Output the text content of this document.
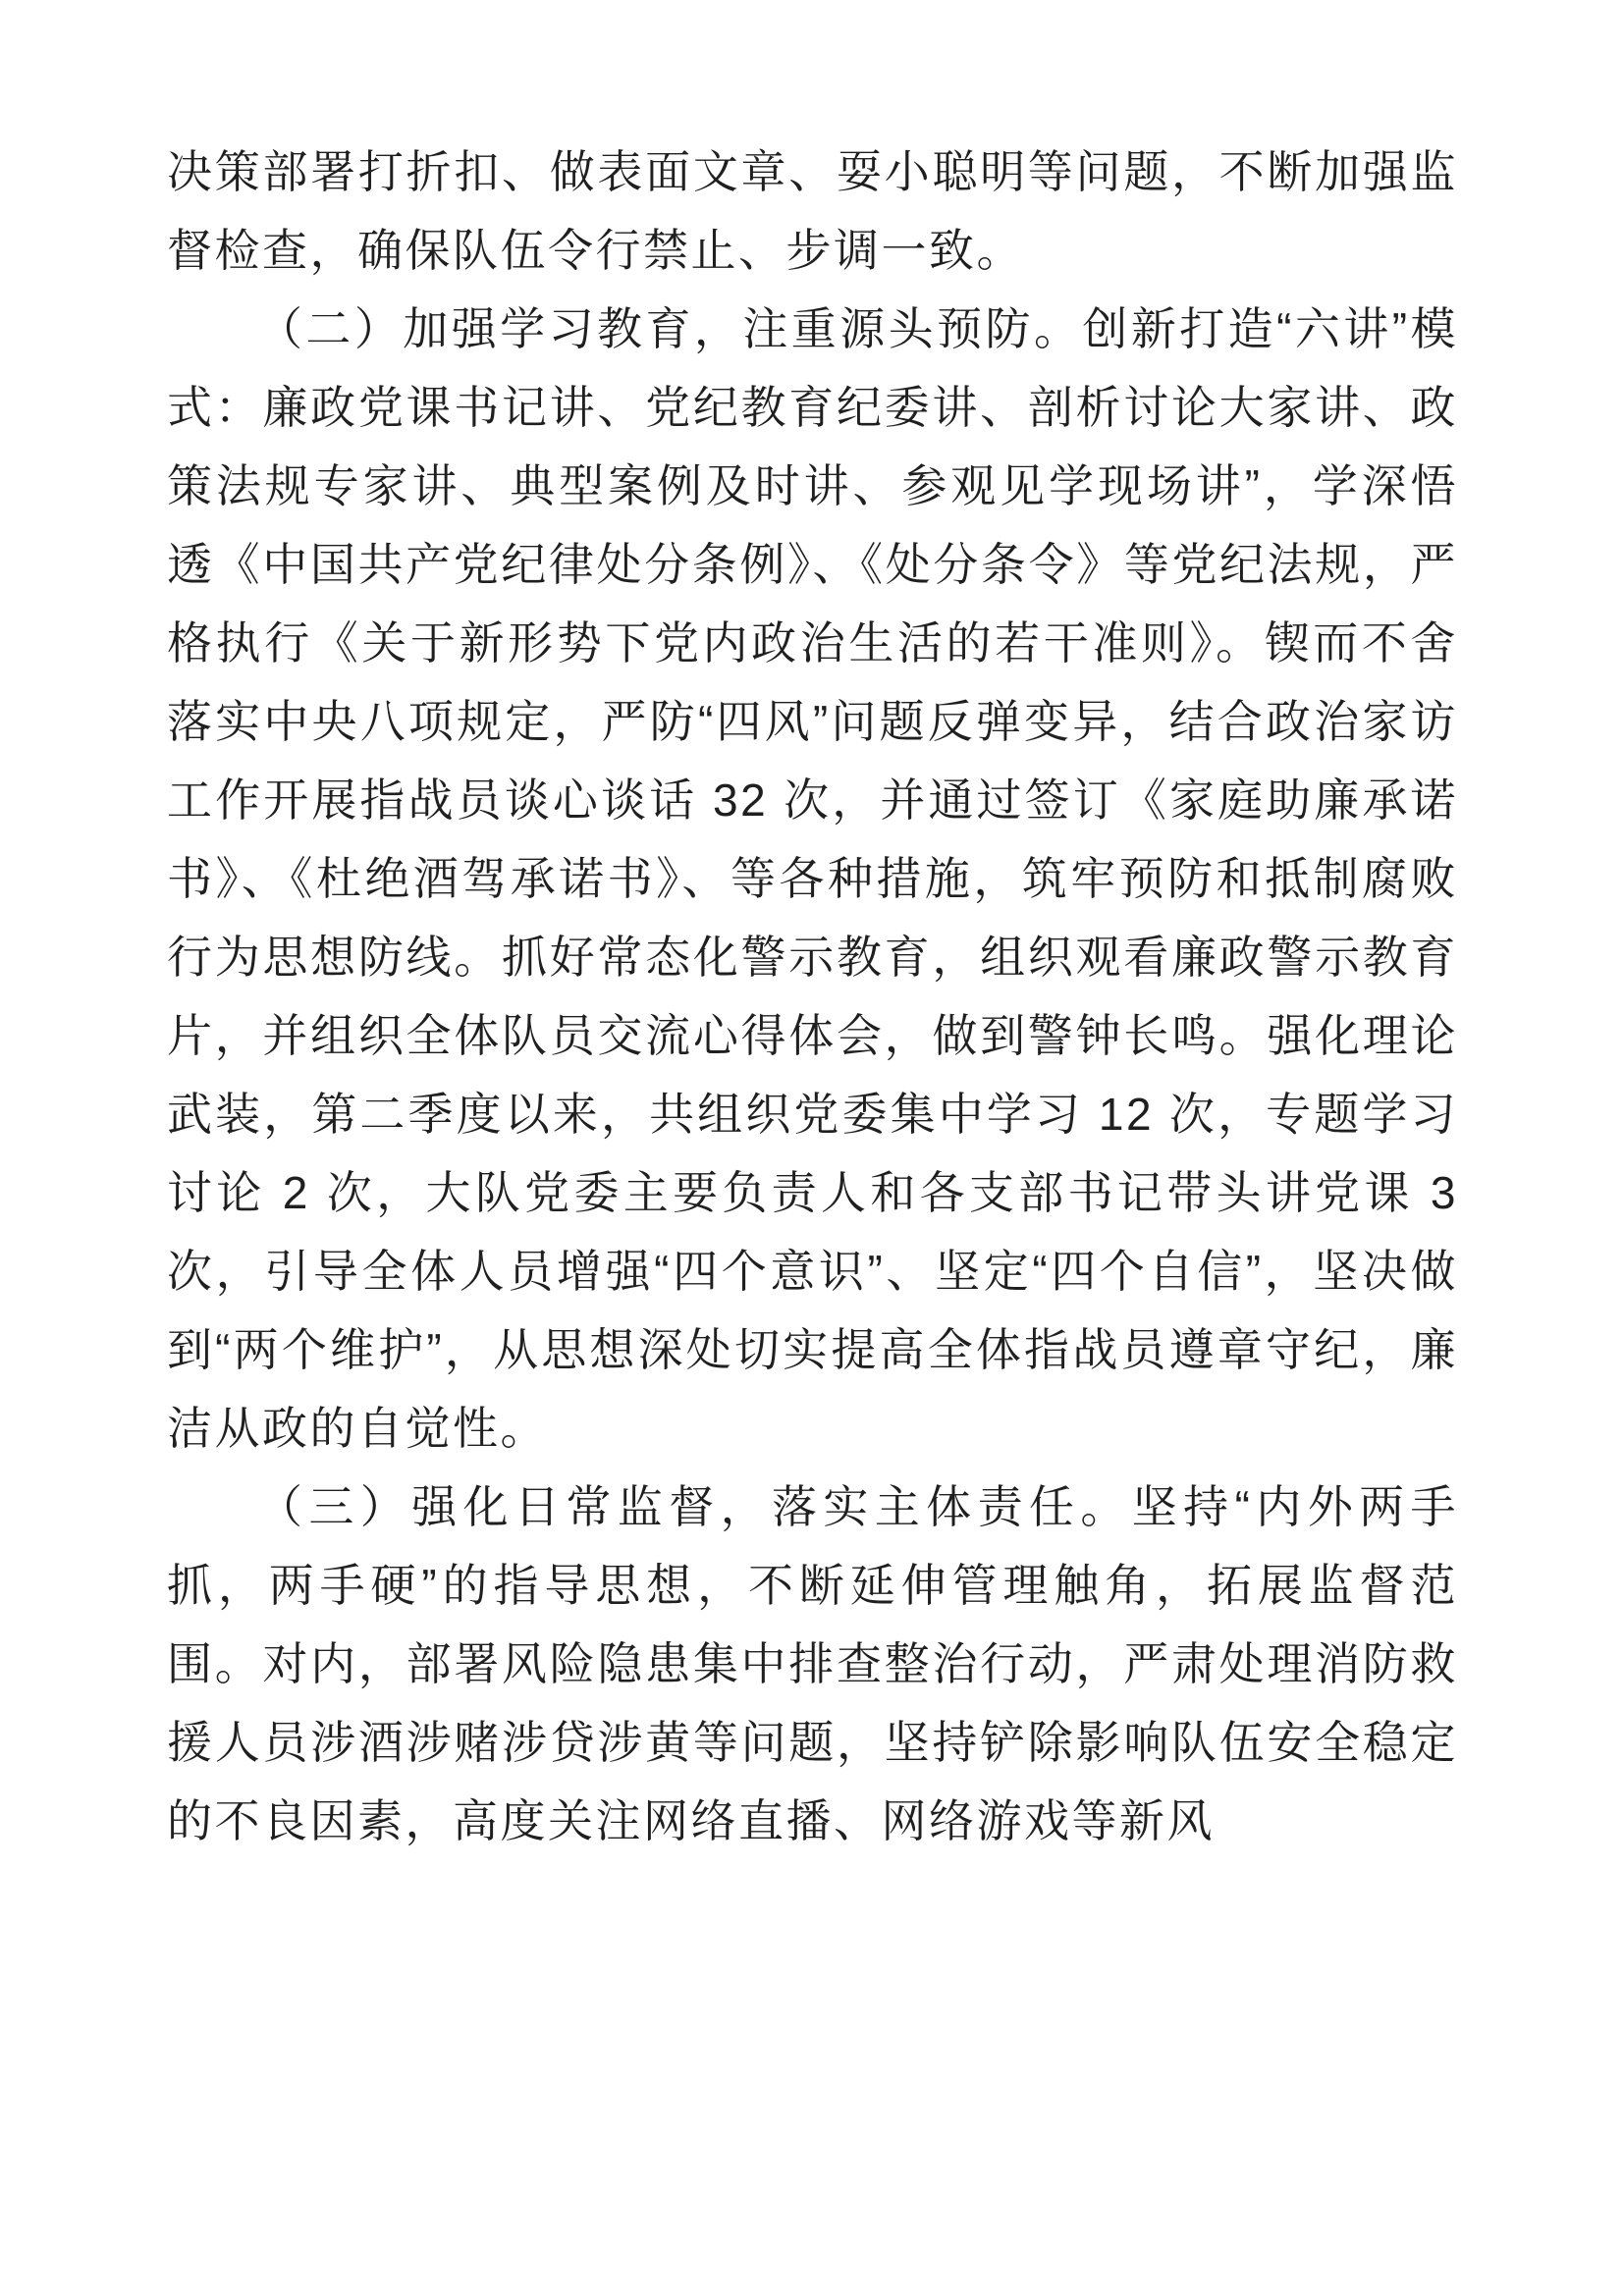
决策部署打折扣、做表面文章、耍小聪明等问题，不断加强监督检查，确保队伍令行禁止、步调一致。

（二）加强学习教育，注重源头预防。创新打造“六讲”模式：廉政党课书记讲、党纪教育纪委讲、剖析讨论大家讲、政策法规专家讲、典型案例及时讲、参观见学现场讲”，学深悟透《中国共产党纪律处分条例》、《处分条令》等党纪法规，严格执行《关于新形势下党内政治生活的若干准则》。锲而不舍落实中央八项规定，严防“四风”问题反弹变异，结合政治家访工作开展指战员谈心谈话 32 次，并通过签订《家庭助廉承诺书》、《杜绝酒驾承诺书》、等各种措施，筑牢预防和抵制腐败行为思想防线。抓好常态化警示教育，组织观看廉政警示教育片，并组织全体队员交流心得体会，做到警钟长鸣。强化理论武装，第二季度以来，共组织党委集中学习 12 次，专题学习讨论 2 次，大队党委主要负责人和各支部书记带头讲党课 3 次，引导全体人员增强“四个意识”、坚定“四个自信”，坚决做到“两个维护”，从思想深处切实提高全体指战员遵章守纪，廉洁从政的自觉性。

（三）强化日常监督，落实主体责任。坚持“内外两手抓，两手硬”的指导思想，不断延伸管理触角，拓展监督范围。对内，部署风险隐患集中排查整治行动，严肃处理消防救援人员涉酒涉赌涉贷涉黄等问题，坚持铲除影响队伍安全稳定的不良因素，高度关注网络直播、网络游戏等新风
